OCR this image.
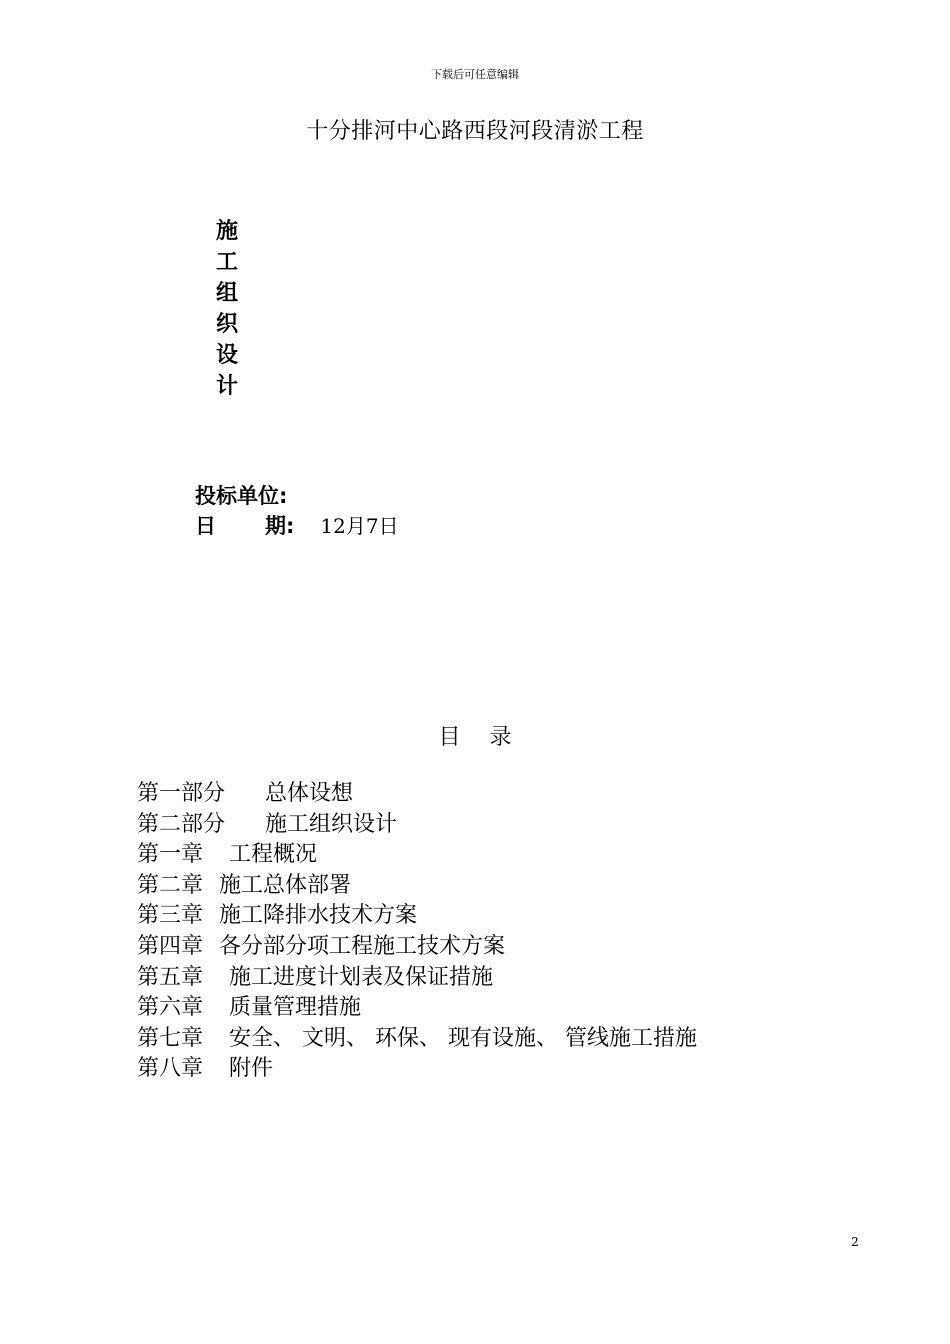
下载后可任意编辑
十分排河中心路西段河段清淤工程
施
工
组
织
设
计
投标单位:
日 期: 12月7日
目 录
第一部分 总体设想
第二部分 施工组织设计
第一章 工程概况
第二章 施工总体部署
第三章 施工降排水技术方案
第四章 各分部分项工程施工技术方案
第五章 施工进度计划表及保证措施
第六章 质量管理措施
第七章 安全、 文明、 环保、 现有设施、 管线施工措施
第八章 附件
2
